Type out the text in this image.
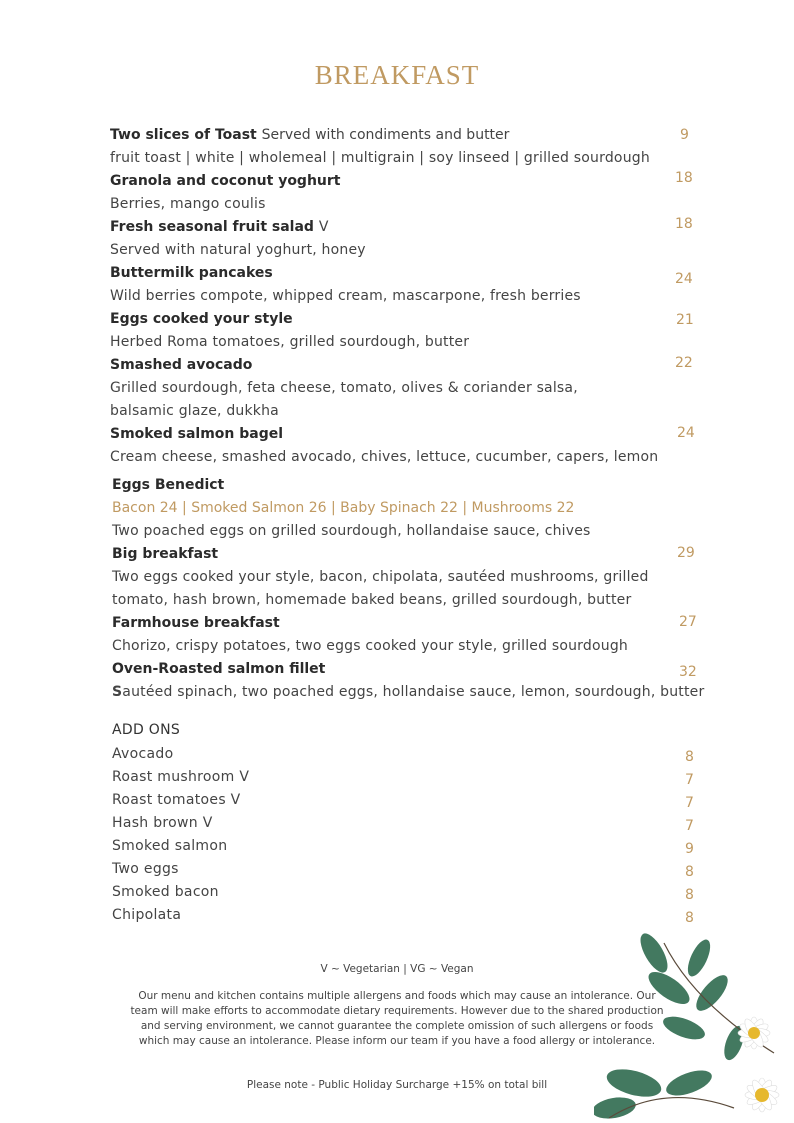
BREAKFAST
Two slices of Toast Served with condiments and butter	9
fruit toast | white | wholemeal | multigrain | soy linseed | grilled sourdough
Granola and coconut yoghurt	18
Berries, mango coulis
Fresh seasonal fruit salad V	18
Served with natural yoghurt, honey
Buttermilk pancakes	24
Wild berries compote, whipped cream, mascarpone, fresh berries
Eggs cooked your style	21
Herbed Roma tomatoes, grilled sourdough, butter
Smashed avocado	22
Grilled sourdough, feta cheese, tomato, olives & coriander salsa,
balsamic glaze, dukkha
Smoked salmon bagel	24
Cream cheese, smashed avocado, chives, lettuce, cucumber, capers, lemon
Eggs Benedict
Bacon 24 | Smoked Salmon 26 | Baby Spinach 22 | Mushrooms 22
Two poached eggs on grilled sourdough, hollandaise sauce, chives
Big breakfast	29
Two eggs cooked your style, bacon, chipolata, sautéed mushrooms, grilled
tomato, hash brown, homemade baked beans, grilled sourdough, butter
Farmhouse breakfast	27
Chorizo, crispy potatoes, two eggs cooked your style, grilled sourdough
Oven-Roasted salmon fillet	32
Sautéed spinach, two poached eggs, hollandaise sauce, lemon, sourdough, butter
ADD ONS
Avocado	8
Roast mushroom V	7
Roast tomatoes V	7
Hash brown V	7
Smoked salmon	9
Two eggs	8
Smoked bacon	8
Chipolata	8
V ~ Vegetarian | VG ~ Vegan
Our menu and kitchen contains multiple allergens and foods which may cause an intolerance. Our team will make efforts to accommodate dietary requirements. However due to the shared production and serving environment, we cannot guarantee the complete omission of such allergens or foods which may cause an intolerance. Please inform our team if you have a food allergy or intolerance.
Please note - Public Holiday Surcharge +15% on total bill
